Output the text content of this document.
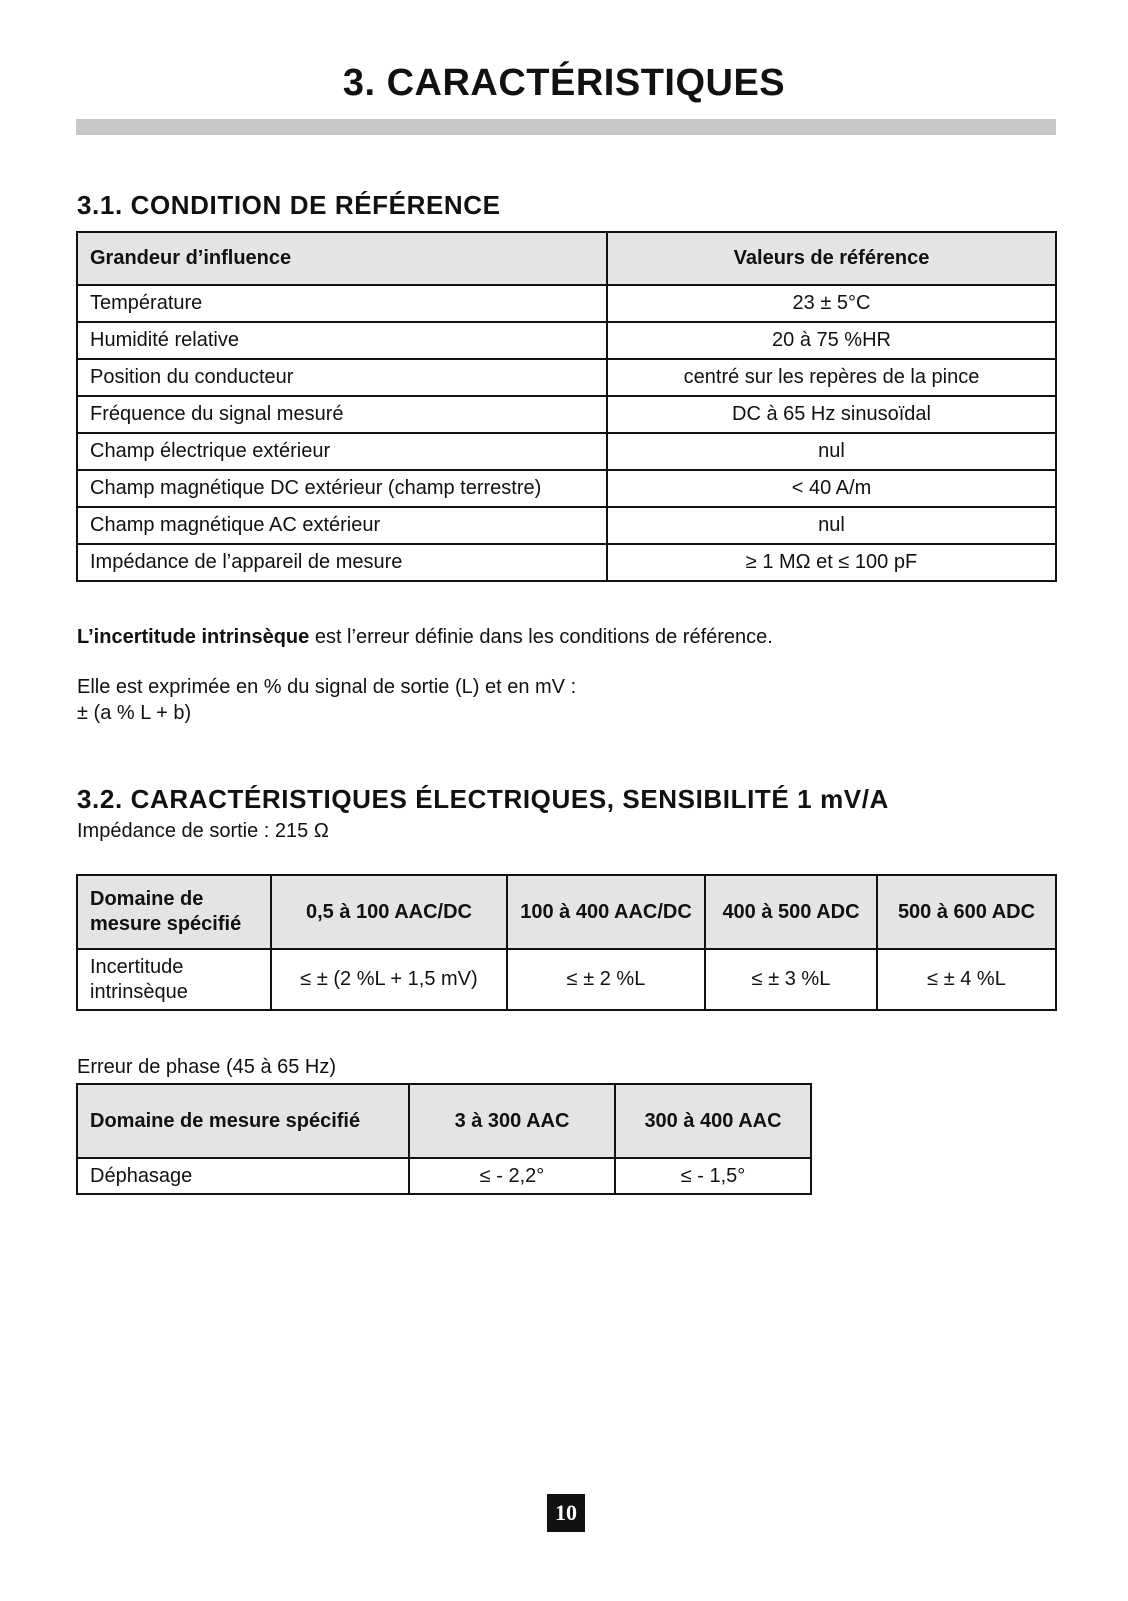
3. CARACTÉRISTIQUES
3.1. CONDITION DE RÉFÉRENCE
Grandeur d’influence	Valeurs de référence
Température	23 ± 5°C
Humidité relative	20 à 75 %HR
Position du conducteur	centré sur les repères de la pince
Fréquence du signal mesuré	DC à 65 Hz sinusoïdal
Champ électrique extérieur	nul
Champ magnétique DC extérieur (champ terrestre)	< 40 A/m
Champ magnétique AC extérieur	nul
Impédance de l’appareil de mesure	≥ 1 MΩ et ≤ 100 pF
L’incertitude intrinsèque est l’erreur définie dans les conditions de référence.
Elle est exprimée en % du signal de sortie (L) et en mV :
± (a % L + b)
3.2. CARACTÉRISTIQUES ÉLECTRIQUES, SENSIBILITÉ 1 mV/A
Impédance de sortie : 215 Ω
Domaine de mesure spécifié	0,5 à 100 AAC/DC	100 à 400 AAC/DC	400 à 500 ADC	500 à 600 ADC
Incertitude intrinsèque	≤ ± (2 %L + 1,5 mV)	≤ ± 2 %L	≤ ± 3 %L	≤ ± 4 %L
Erreur de phase (45 à 65 Hz)
Domaine de mesure spécifié	3 à 300 AAC	300 à 400 AAC
Déphasage	≤ - 2,2°	≤ - 1,5°
10
